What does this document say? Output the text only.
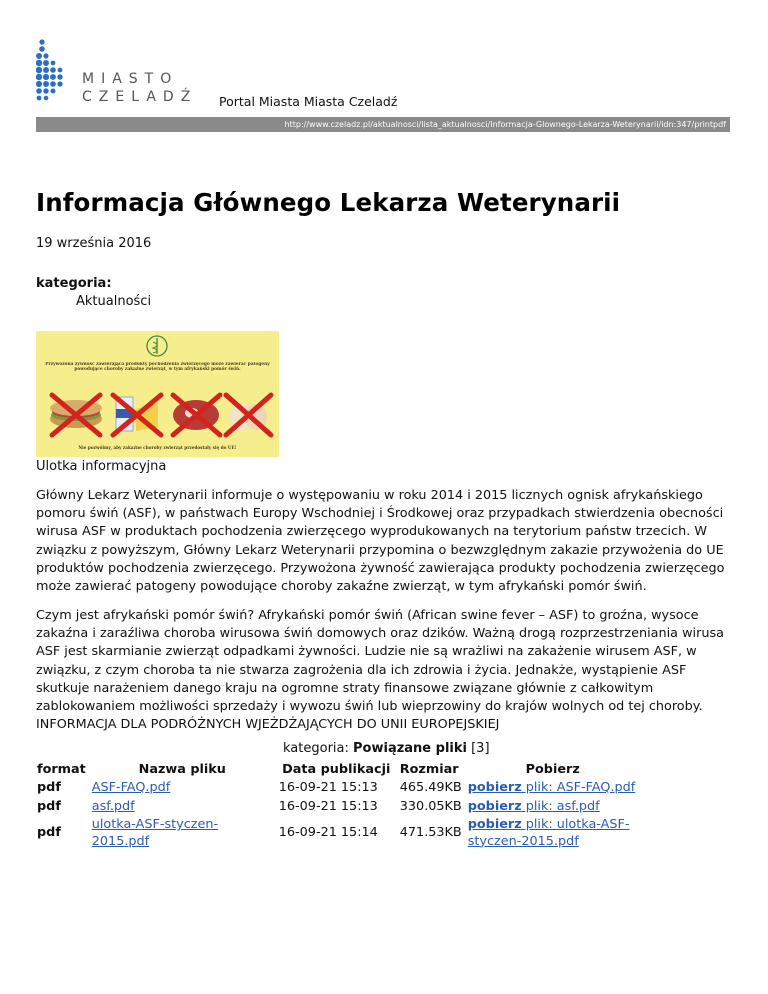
MIASTO
CZELADŹ Portal Miasta Miasta Czeladź
http://www.czeladz.pl/aktualnosci/lista_aktualnosci/Informacja-Glownego-Lekarza-Weterynarii/idn:347/printpdf
Informacja Głównego Lekarza Weterynarii
19 września 2016
kategoria:
Aktualności
Przywożona żywność zawierająca produkty pochodzenia zwierzęcego może zawierać patogeny powodujące choroby zakaźne zwierząt, w tym afrykański pomór świń.
Nie pozwólmy, aby zakaźne choroby zwierząt przedostały się do UE!
Ulotka informacyjna

Główny Lekarz Weterynarii informuje o występowaniu w roku 2014 i 2015 licznych ognisk afrykańskiego pomoru świń (ASF), w państwach Europy Wschodniej i Środkowej oraz przypadkach stwierdzenia obecności wirusa ASF w produktach pochodzenia zwierzęcego wyprodukowanych na terytorium państw trzecich. W związku z powyższym, Główny Lekarz Weterynarii przypomina o bezwzględnym zakazie przywożenia do UE produktów pochodzenia zwierzęcego. Przywożona żywność zawierająca produkty pochodzenia zwierzęcego może zawierać patogeny powodujące choroby zakaźne zwierząt, w tym afrykański pomór świń.

Czym jest afrykański pomór świń? Afrykański pomór świń (African swine fever – ASF) to groźna, wysoce zakaźna i zaraźliwa choroba wirusowa świń domowych oraz dzików. Ważną drogą rozprzestrzeniania wirusa ASF jest skarmianie zwierząt odpadkami żywności. Ludzie nie są wrażliwi na zakażenie wirusem ASF, w związku, z czym choroba ta nie stwarza zagrożenia dla ich zdrowia i życia. Jednakże, wystąpienie ASF skutkuje narażeniem danego kraju na ogromne straty finansowe związane głównie z całkowitym zablokowaniem możliwości sprzedaży i wywozu świń lub wieprzowiny do krajów wolnych od tej choroby. INFORMACJA DLA PODRÓŻNYCH WJEŻDŻAJĄCYCH DO UNII EUROPEJSKIEJ

kategoria: Powiązane pliki [3]
format	Nazwa pliku	Data publikacji	Rozmiar	Pobierz
pdf	ASF-FAQ.pdf	16-09-21 15:13	465.49KB	pobierz plik: ASF-FAQ.pdf
pdf	asf.pdf	16-09-21 15:13	330.05KB	pobierz plik: asf.pdf
pdf	ulotka-ASF-styczen-2015.pdf	16-09-21 15:14	471.53KB	pobierz plik: ulotka-ASF-styczen-2015.pdf
